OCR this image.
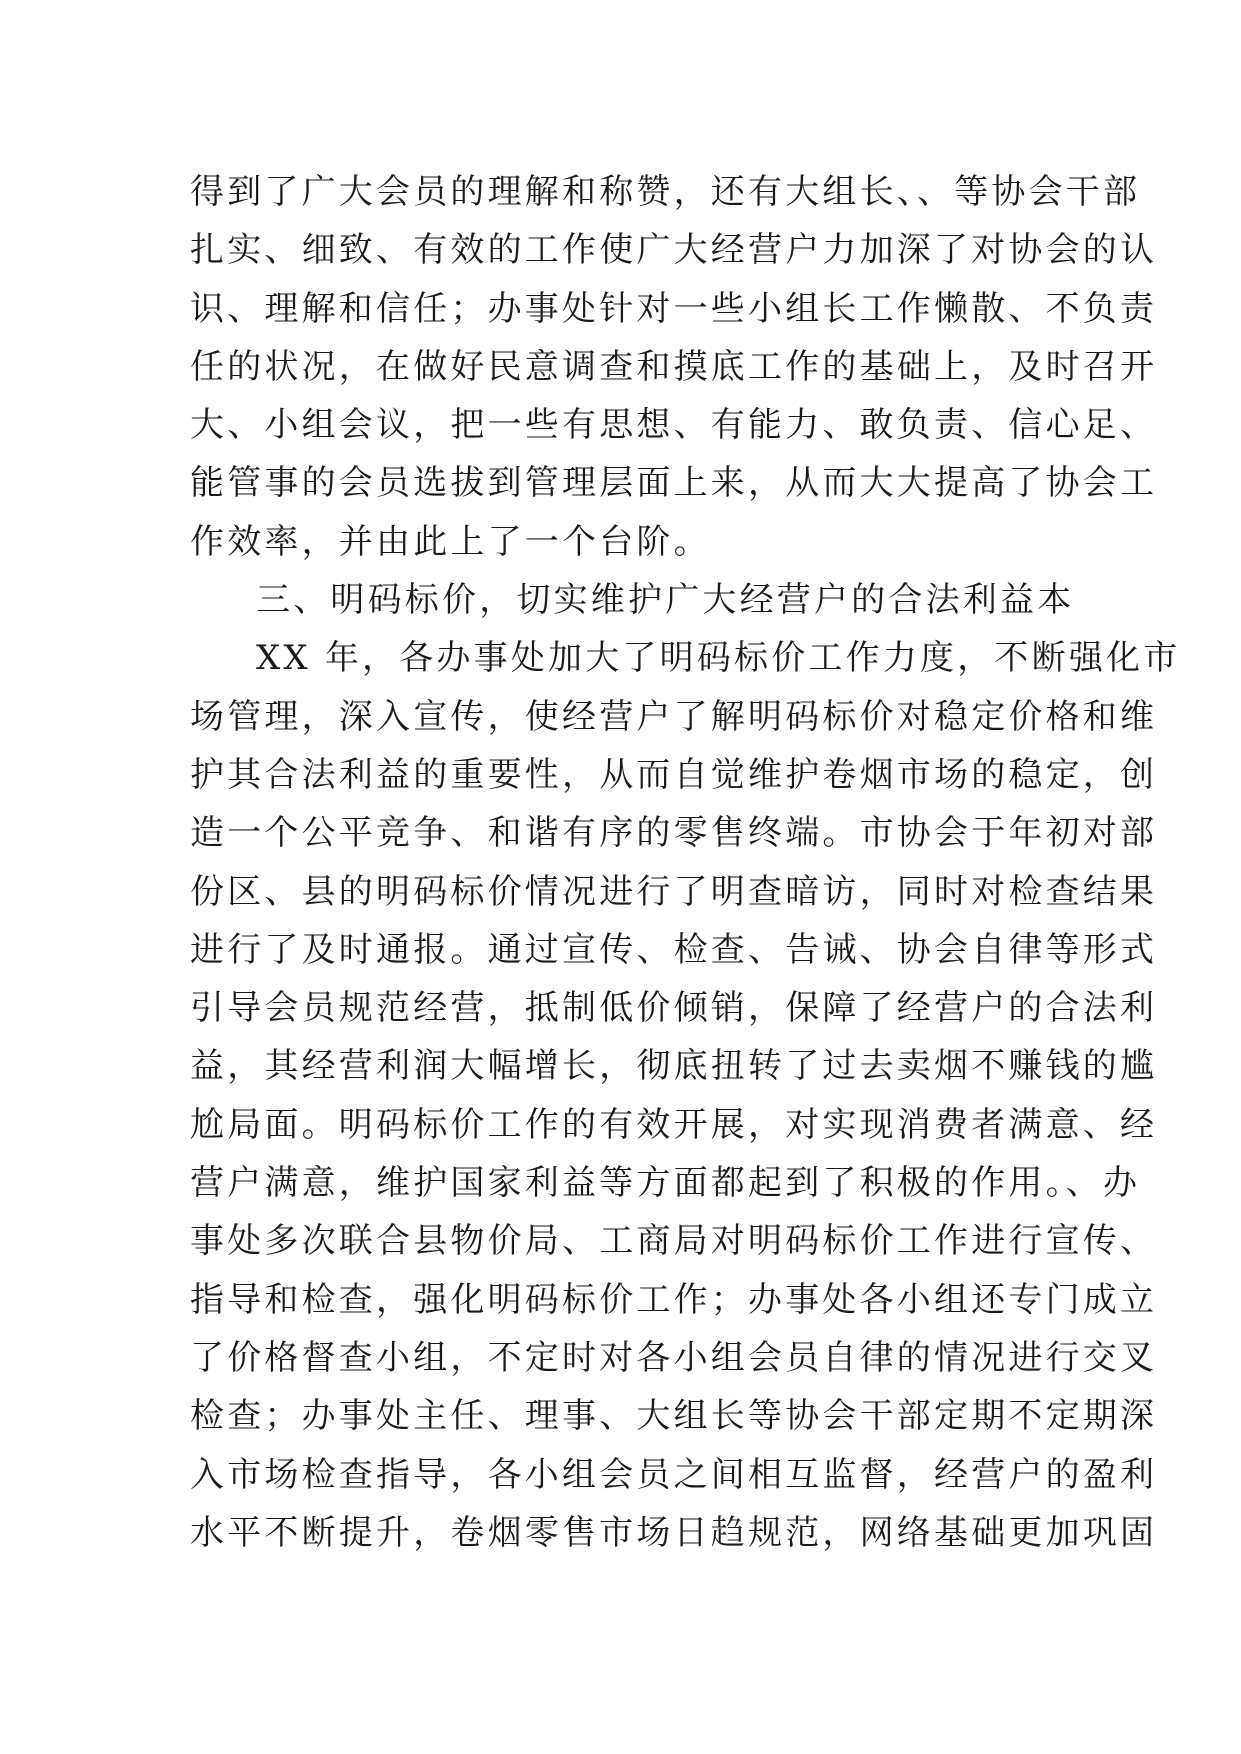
得到了广大会员的理解和称赞，还有大组长、、等协会干部
扎实、细致、有效的工作使广大经营户力加深了对协会的认
识、理解和信任；办事处针对一些小组长工作懒散、不负责
任的状况，在做好民意调查和摸底工作的基础上，及时召开
大、小组会议，把一些有思想、有能力、敢负责、信心足、
能管事的会员选拔到管理层面上来，从而大大提高了协会工
作效率，并由此上了一个台阶。
三、明码标价，切实维护广大经营户的合法利益本
XX 年，各办事处加大了明码标价工作力度，不断强化市
场管理，深入宣传，使经营户了解明码标价对稳定价格和维
护其合法利益的重要性，从而自觉维护卷烟市场的稳定，创
造一个公平竞争、和谐有序的零售终端。市协会于年初对部
份区、县的明码标价情况进行了明查暗访，同时对检查结果
进行了及时通报。通过宣传、检查、告诫、协会自律等形式
引导会员规范经营，抵制低价倾销，保障了经营户的合法利
益，其经营利润大幅增长，彻底扭转了过去卖烟不赚钱的尴
尬局面。明码标价工作的有效开展，对实现消费者满意、经
营户满意，维护国家利益等方面都起到了积极的作用。、办
事处多次联合县物价局、工商局对明码标价工作进行宣传、
指导和检查，强化明码标价工作；办事处各小组还专门成立
了价格督查小组，不定时对各小组会员自律的情况进行交叉
检查；办事处主任、理事、大组长等协会干部定期不定期深
入市场检查指导，各小组会员之间相互监督，经营户的盈利
水平不断提升，卷烟零售市场日趋规范，网络基础更加巩固
